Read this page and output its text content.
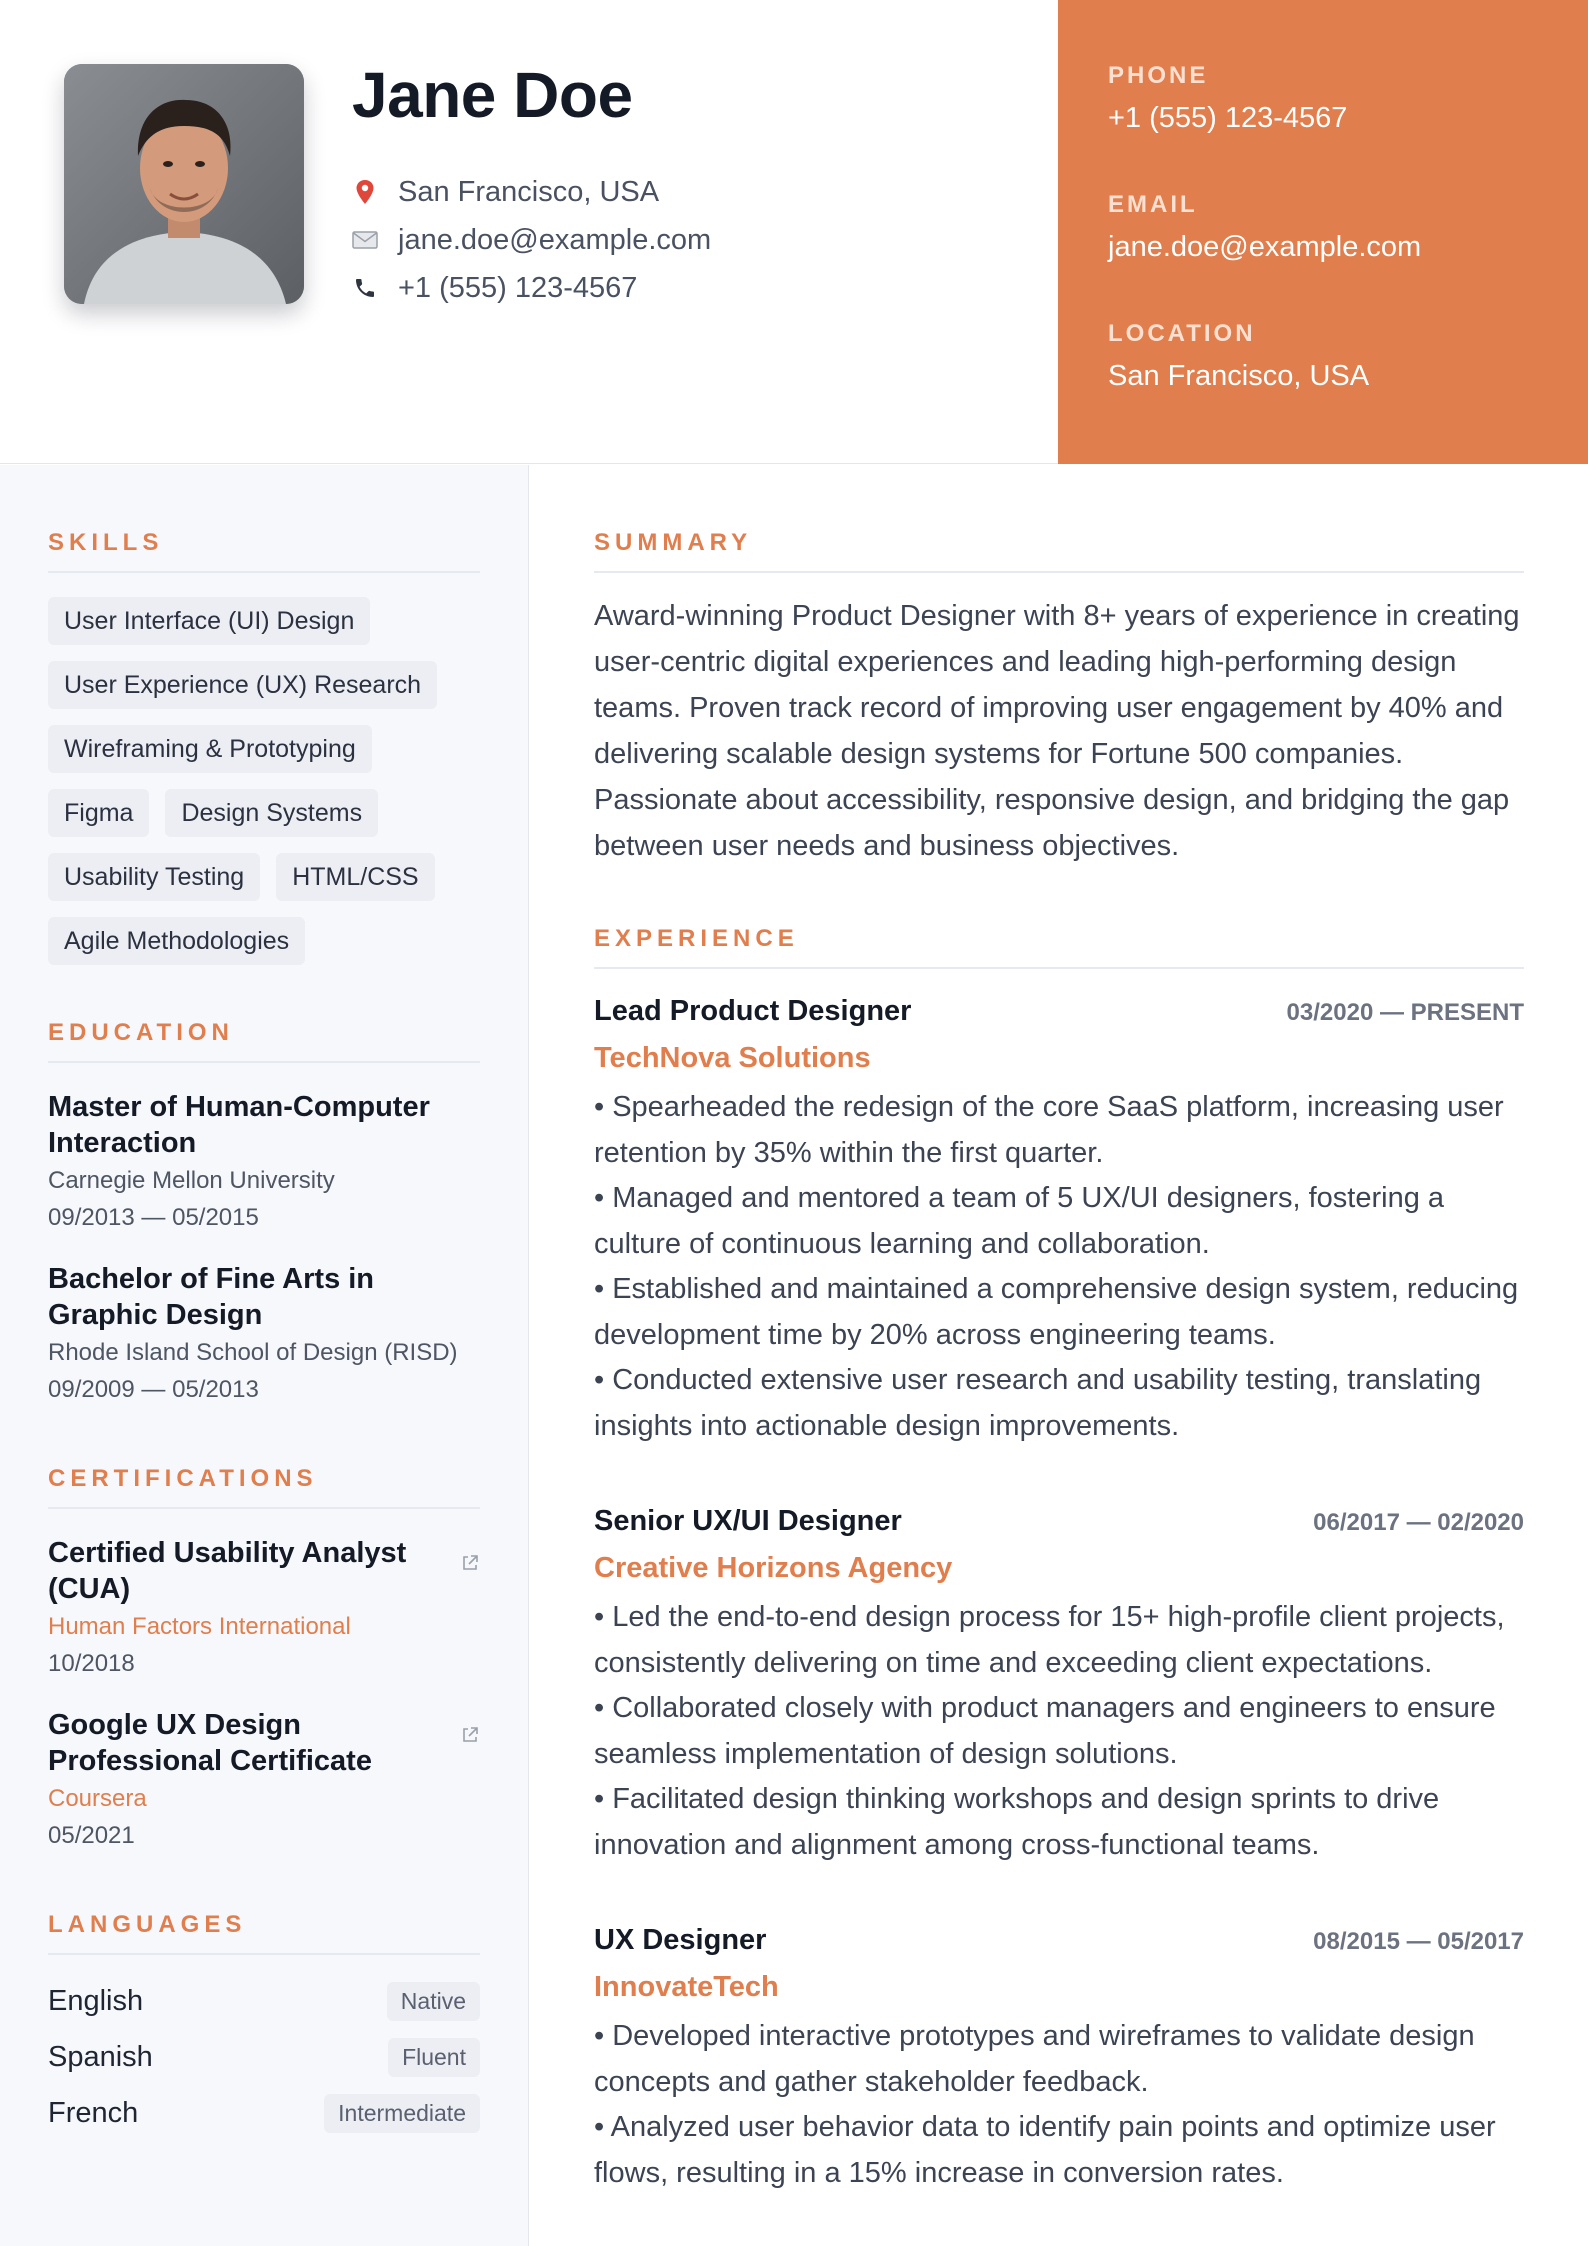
Jane Doe
San Francisco, USA
jane.doe@example.com
+1 (555) 123-4567
PHONE
+1 (555) 123-4567
EMAIL
jane.doe@example.com
LOCATION
San Francisco, USA
SKILLS
User Interface (UI) Design
User Experience (UX) Research
Wireframing & Prototyping
Figma	Design Systems
Usability Testing	HTML/CSS
Agile Methodologies
EDUCATION
Master of Human-Computer Interaction
Carnegie Mellon University
09/2013 — 05/2015
Bachelor of Fine Arts in Graphic Design
Rhode Island School of Design (RISD)
09/2009 — 05/2013
CERTIFICATIONS
Certified Usability Analyst (CUA)
Human Factors International
10/2018
Google UX Design Professional Certificate
Coursera
05/2021
LANGUAGES
English	Native
Spanish	Fluent
French	Intermediate
SUMMARY

Award-winning Product Designer with 8+ years of experience in creating user-centric digital experiences and leading high-performing design teams. Proven track record of improving user engagement by 40% and delivering scalable design systems for Fortune 500 companies. Passionate about accessibility, responsive design, and bridging the gap between user needs and business objectives.

EXPERIENCE
Lead Product Designer	03/2020 — PRESENT
TechNova Solutions
• Spearheaded the redesign of the core SaaS platform, increasing user retention by 35% within the first quarter.
• Managed and mentored a team of 5 UX/UI designers, fostering a culture of continuous learning and collaboration.
• Established and maintained a comprehensive design system, reducing development time by 20% across engineering teams.
• Conducted extensive user research and usability testing, translating insights into actionable design improvements.
Senior UX/UI Designer	06/2017 — 02/2020
Creative Horizons Agency
• Led the end-to-end design process for 15+ high-profile client projects, consistently delivering on time and exceeding client expectations.
• Collaborated closely with product managers and engineers to ensure seamless implementation of design solutions.
• Facilitated design thinking workshops and design sprints to drive innovation and alignment among cross-functional teams.
UX Designer	08/2015 — 05/2017
InnovateTech
• Developed interactive prototypes and wireframes to validate design concepts and gather stakeholder feedback.
• Analyzed user behavior data to identify pain points and optimize user flows, resulting in a 15% increase in conversion rates.
